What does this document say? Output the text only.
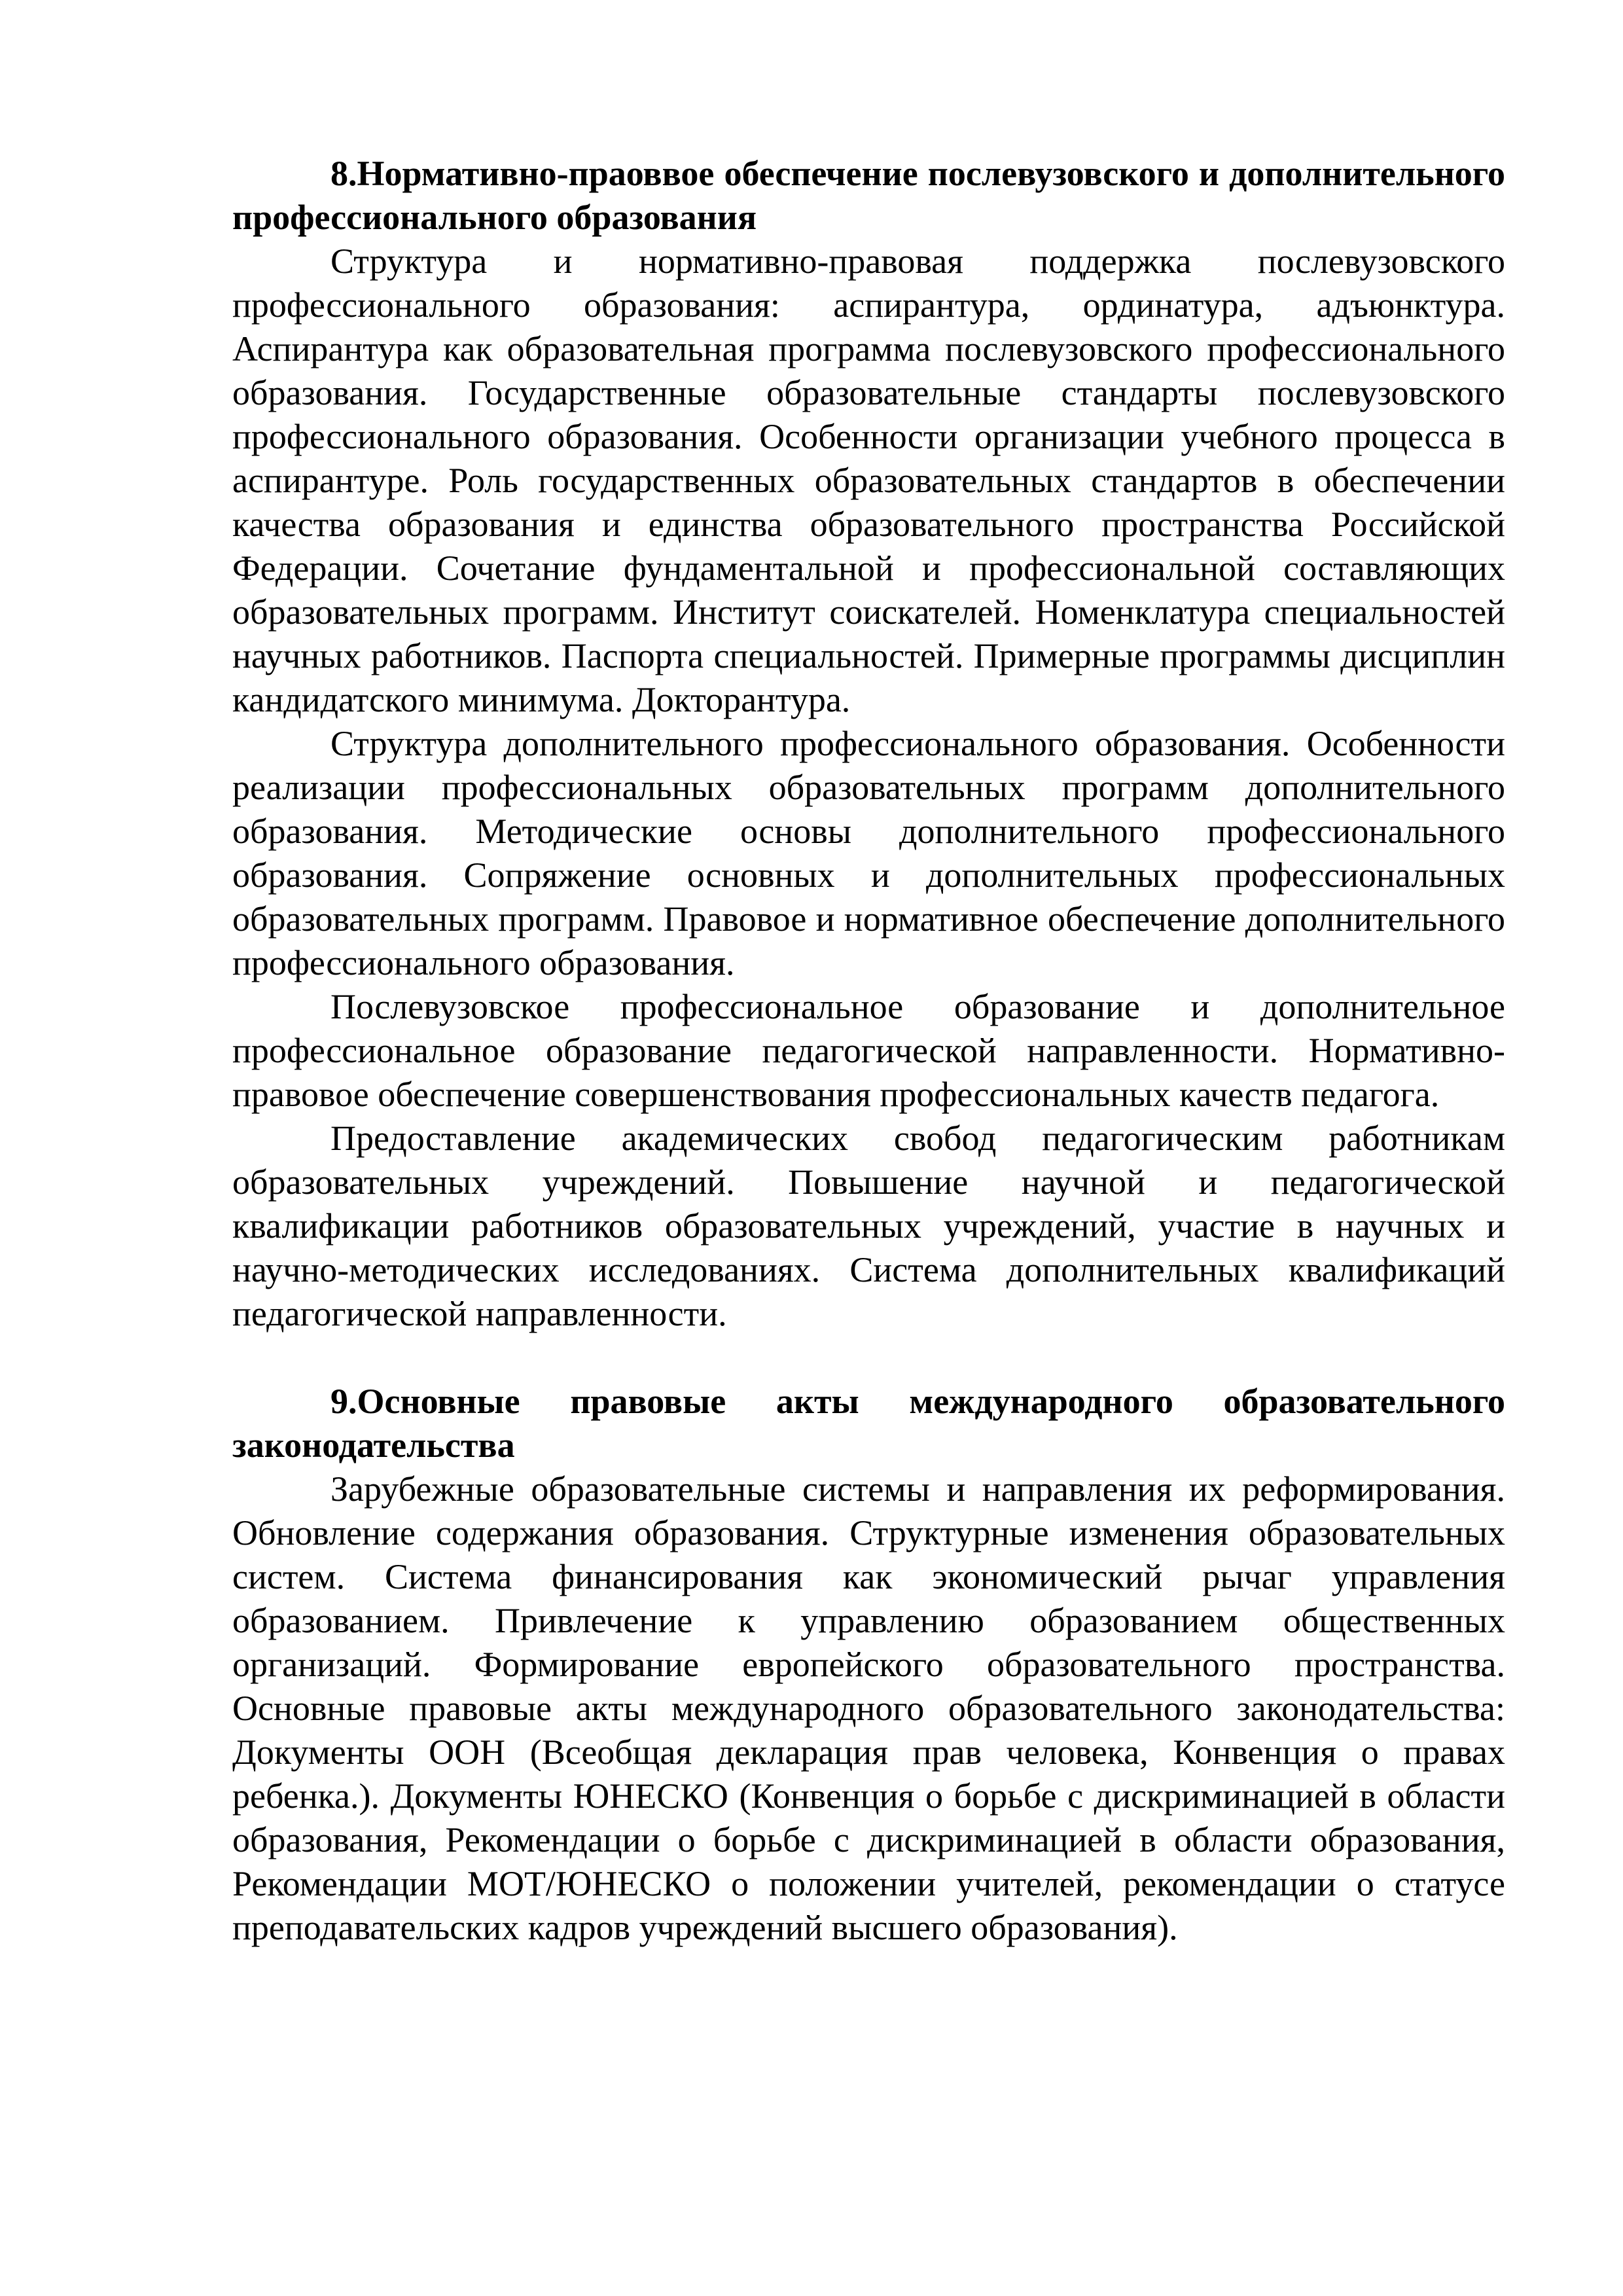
8.Нормативно-праоввое обеспечение послевузовского и дополнительного профессионального образования

Структура и нормативно-правовая поддержка послевузовского профессионального образования: аспирантура, ординатура, адъюнктура. Аспирантура как образовательная программа послевузовского профессионального образования. Государственные образовательные стандарты послевузовского профессионального образования. Особенности организации учебного процесса в аспирантуре. Роль государственных образовательных стандартов в обеспечении качества образования и единства образовательного пространства Российской Федерации. Сочетание фундаментальной и профессиональной составляющих образовательных программ. Институт соискателей. Номенклатура специальностей научных работников. Паспорта специальностей. Примерные программы дисциплин кандидатского минимума. Докторантура.

Структура дополнительного профессионального образования. Особенности реализации профессиональных образовательных программ дополнительного образования. Методические основы дополнительного профессионального образования. Сопряжение основных и дополнительных профессиональных образовательных программ. Правовое и нормативное обеспечение дополнительного профессионального образования.

Послевузовское профессиональное образование и дополнительное профессиональное образование педагогической направленности. Нормативно-правовое обеспечение совершенствования профессиональных качеств педагога.

Предоставление академических свобод педагогическим работникам образовательных учреждений. Повышение научной и педагогической квалификации работников образовательных учреждений, участие в научных и научно-методических исследованиях. Система дополнительных квалификаций педагогической направленности.

9.Основные правовые акты международного образовательного законодательства

Зарубежные образовательные системы и направления их реформирования. Обновление содержания образования. Структурные изменения образовательных систем. Система финансирования как экономический рычаг управления образованием. Привлечение к управлению образованием общественных организаций. Формирование европейского образовательного пространства. Основные правовые акты международного образовательного законодательства: Документы ООН (Всеобщая декларация прав человека, Конвенция о правах ребенка.). Документы ЮНЕСКО (Конвенция о борьбе с дискриминацией в области образования, Рекомендации о борьбе с дискриминацией в области образования, Рекомендации МОТ/ЮНЕСКО о положении учителей, рекомендации о статусе преподавательских кадров учреждений высшего образования).
